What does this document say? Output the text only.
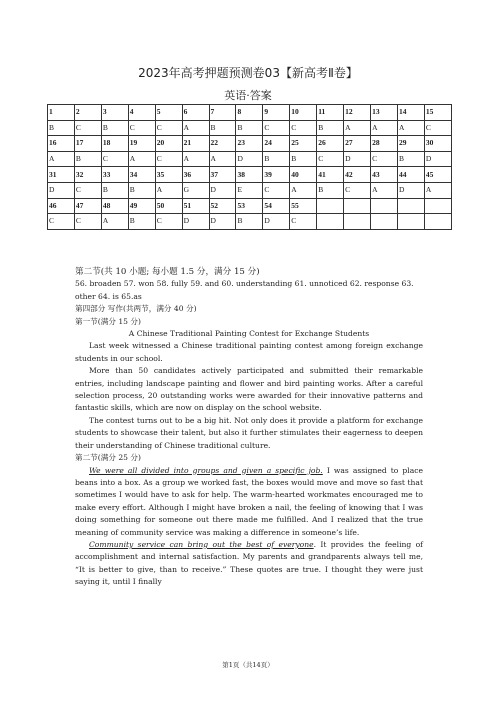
2023年高考押题预测卷03【新高考Ⅱ卷】
英语·答案
1	2	3	4	5	6	7	8	9	10	11	12	13	14	15
B	C	B	C	C	A	B	B	C	C	B	A	A	A	C
16	17	18	19	20	21	22	23	24	25	26	27	28	29	30
A	B	C	A	C	A	A	D	B	B	C	D	C	B	D
31	32	33	34	35	36	37	38	39	40	41	42	43	44	45
D	C	B	B	A	G	D	E	C	A	B	C	A	D	A
46	47	48	49	50	51	52	53	54	55					
C	C	A	B	C	D	D	B	D	C					

第二节(共 10 小题; 每小题 1.5 分，满分 15 分)

56. broaden 57. won 58. fully 59. and 60. understanding 61. unnoticed 62. response 63. other 64. is 65.as

第四部分 写作(共两节，满分 40 分)

第一节(满分 15 分)

A Chinese Traditional Painting Contest for Exchange Students

Last week witnessed a Chinese traditional painting contest among foreign exchange students in our school.

More than 50 candidates actively participated and submitted their remarkable entries, including landscape painting and flower and bird painting works. After a careful selection process, 20 outstanding works were awarded for their innovative patterns and fantastic skills, which are now on display on the school website.

The contest turns out to be a big hit. Not only does it provide a platform for exchange students to showcase their talent, but also it further stimulates their eagerness to deepen their understanding of Chinese traditional culture.

第二节(满分 25 分)

We were all divided into groups and given a specific job. I was assigned to place beans into a box. As a group we worked fast, the boxes would move and move so fast that sometimes I would have to ask for help. The warm-hearted workmates encouraged me to make every effort. Although I might have broken a nail, the feeling of knowing that I was doing something for someone out there made me fulfilled. And I realized that the true meaning of community service was making a difference in someone’s life.

Community service can bring out the best of everyone. It provides the feeling of accomplishment and internal satisfaction. My parents and grandparents always tell me, “It is better to give, than to receive.” These quotes are true. I thought they were just saying it, until I finally

第1页（共14页）
